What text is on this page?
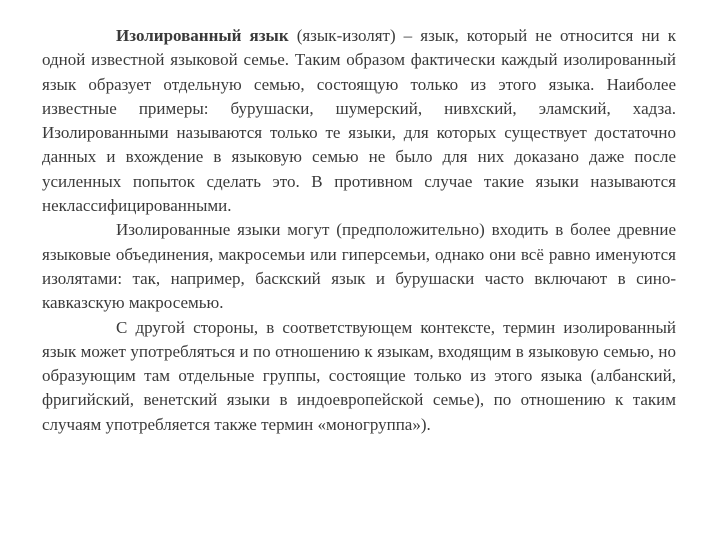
Изолированный язык (язык-изолят) – язык, который не относится ни к одной известной языковой семье. Таким образом фактически каждый изолированный язык образует отдельную семью, состоящую только из этого языка. Наиболее известные примеры: бурушаски, шумерский, нивхский, эламский, хадза. Изолированными называются только те языки, для которых существует достаточно данных и вхождение в языковую семью не было для них доказано даже после усиленных попыток сделать это. В противном случае такие языки называются неклассифицированными.

Изолированные языки могут (предположительно) входить в более древние языковые объединения, макросемьи или гиперсемьи, однако они всё равно именуются изолятами: так, например, баскский язык и бурушаски часто включают в сино-кавказскую макросемью.

С другой стороны, в соответствующем контексте, термин изолированный язык может употребляться и по отношению к языкам, входящим в языковую семью, но образующим там отдельные группы, состоящие только из этого языка (албанский, фригийский, венетский языки в индоевропейской семье), по отношению к таким случаям употребляется также термин «моногруппа»).
